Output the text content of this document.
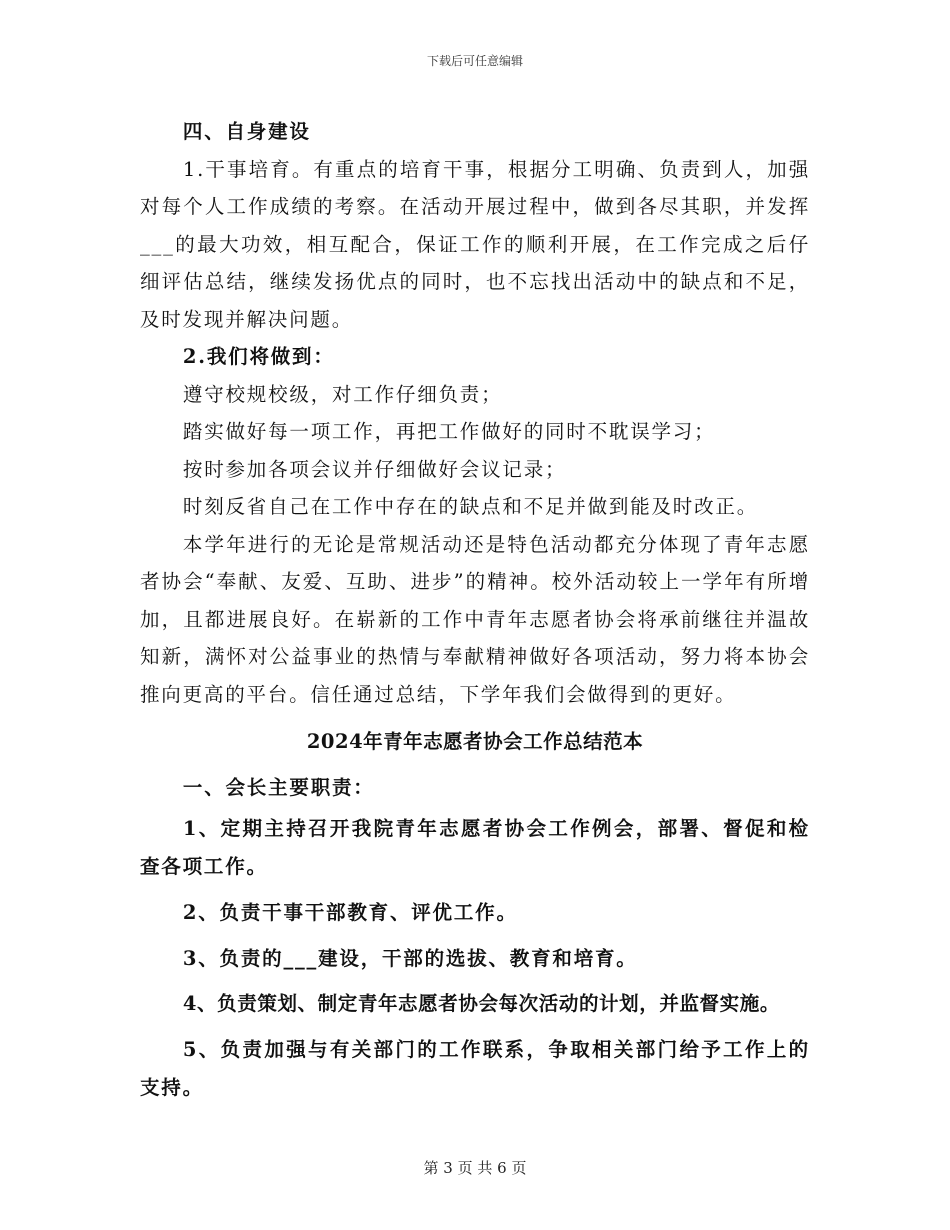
下载后可任意编辑

四、自身建设

1.干事培育。有重点的培育干事，根据分工明确、负责到人，加强对每个人工作成绩的考察。在活动开展过程中，做到各尽其职，并发挥___的最大功效，相互配合，保证工作的顺利开展，在工作完成之后仔细评估总结，继续发扬优点的同时，也不忘找出活动中的缺点和不足，及时发现并解决问题。

2.我们将做到：

遵守校规校级，对工作仔细负责；

踏实做好每一项工作，再把工作做好的同时不耽误学习；

按时参加各项会议并仔细做好会议记录；

时刻反省自己在工作中存在的缺点和不足并做到能及时改正。

本学年进行的无论是常规活动还是特色活动都充分体现了青年志愿者协会“奉献、友爱、互助、进步”的精神。校外活动较上一学年有所增加，且都进展良好。在崭新的工作中青年志愿者协会将承前继往并温故知新，满怀对公益事业的热情与奉献精神做好各项活动，努力将本协会推向更高的平台。信任通过总结，下学年我们会做得到的更好。

2024年青年志愿者协会工作总结范本

一、会长主要职责：

1、定期主持召开我院青年志愿者协会工作例会，部署、督促和检查各项工作。

2、负责干事干部教育、评优工作。

3、负责的___建设，干部的选拔、教育和培育。

4、负责策划、制定青年志愿者协会每次活动的计划，并监督实施。

5、负责加强与有关部门的工作联系，争取相关部门给予工作上的支持。

第 3 页 共 6 页
